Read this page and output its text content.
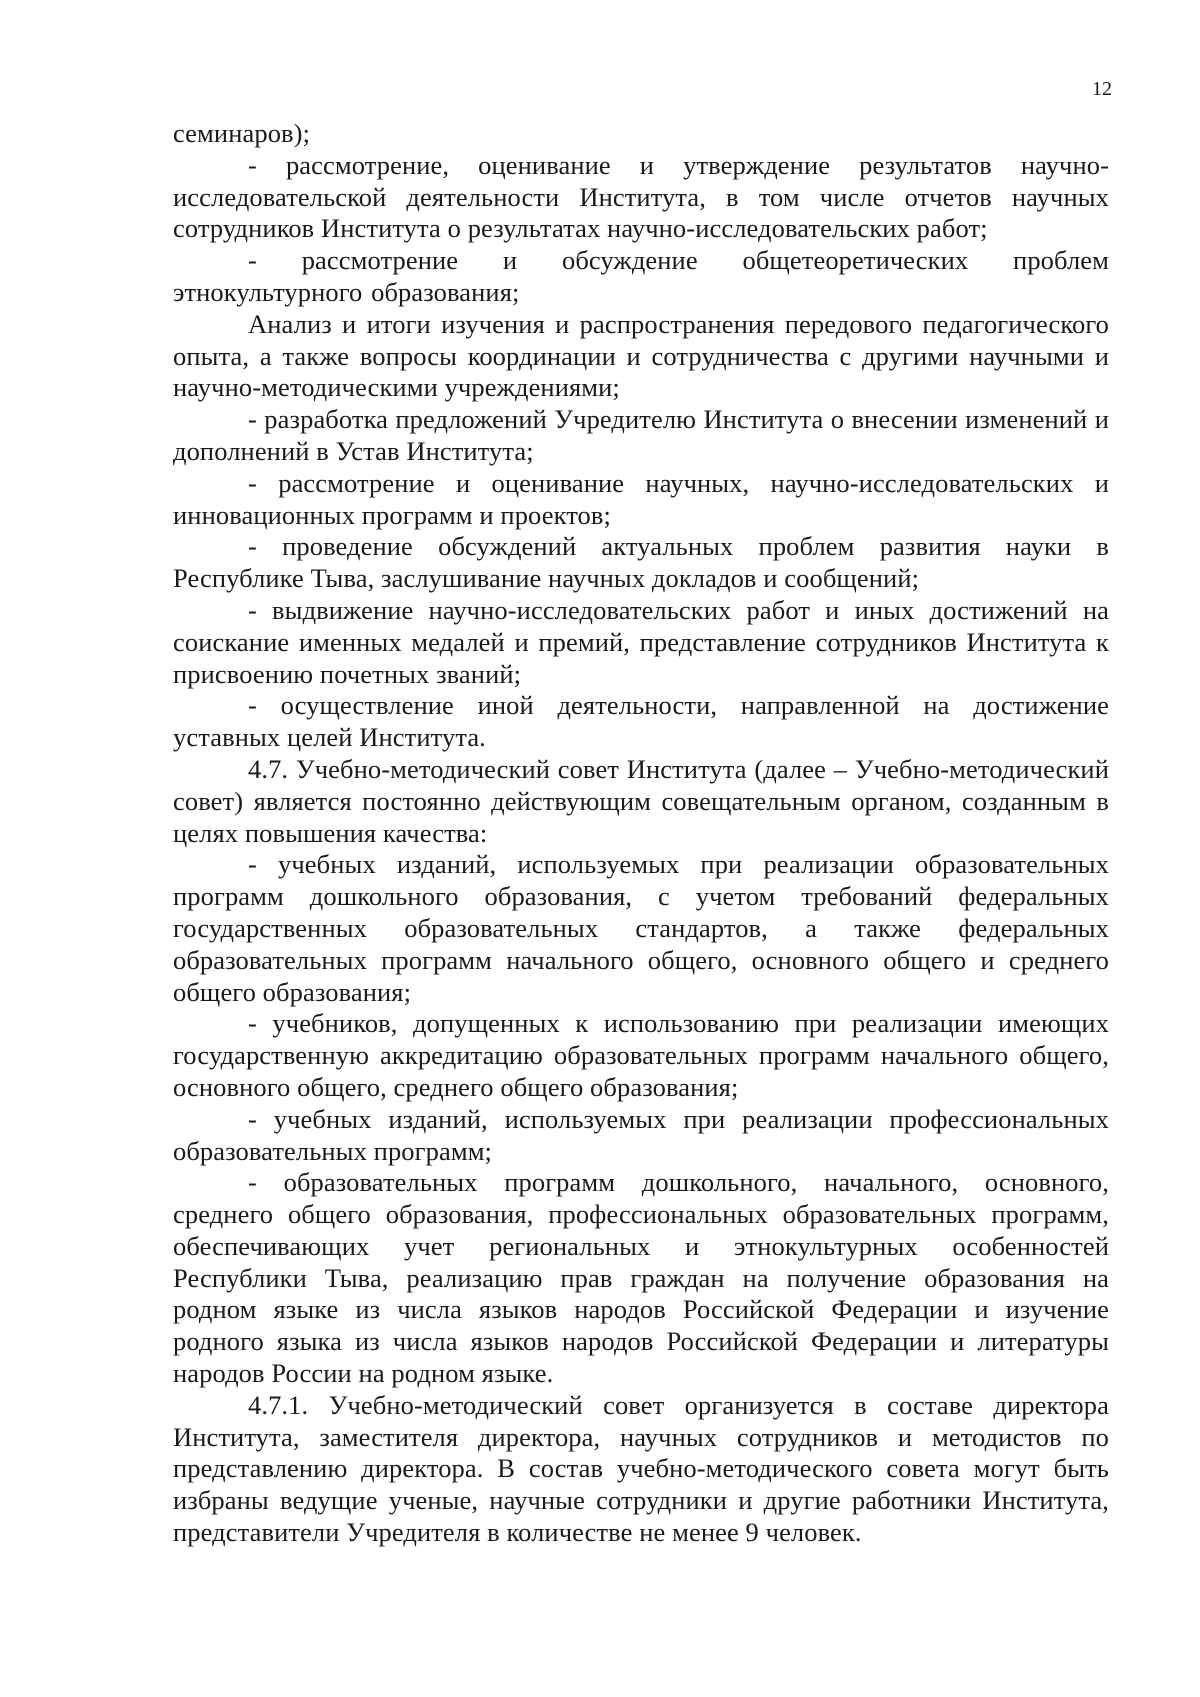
12

семинаров);

- рассмотрение, оценивание и утверждение результатов научно-исследовательской деятельности Института, в том числе отчетов научных сотрудников Института о результатах научно-исследовательских работ;

- рассмотрение и обсуждение общетеоретических проблем этнокультурного образования;

Анализ и итоги изучения и распространения передового педагогического опыта, а также вопросы координации и сотрудничества с другими научными и научно-методическими учреждениями;

- разработка предложений Учредителю Института о внесении изменений и дополнений в Устав Института;

- рассмотрение и оценивание научных, научно-исследовательских и инновационных программ и проектов;

- проведение обсуждений актуальных проблем развития науки в Республике Тыва, заслушивание научных докладов и сообщений;

- выдвижение научно-исследовательских работ и иных достижений на соискание именных медалей и премий, представление сотрудников Института к присвоению почетных званий;

- осуществление иной деятельности, направленной на достижение уставных целей Института.

4.7. Учебно-методический совет Института (далее – Учебно-методический совет) является постоянно действующим совещательным органом, созданным в целях повышения качества:

- учебных изданий, используемых при реализации образовательных программ дошкольного образования, с учетом требований федеральных государственных образовательных стандартов, а также федеральных образовательных программ начального общего, основного общего и среднего общего образования;

- учебников, допущенных к использованию при реализации имеющих государственную аккредитацию образовательных программ начального общего, основного общего, среднего общего образования;

- учебных изданий, используемых при реализации профессиональных образовательных программ;

- образовательных программ дошкольного, начального, основного, среднего общего образования, профессиональных образовательных программ, обеспечивающих учет региональных и этнокультурных особенностей Республики Тыва, реализацию прав граждан на получение образования на родном языке из числа языков народов Российской Федерации и изучение родного языка из числа языков народов Российской Федерации и литературы народов России на родном языке.

4.7.1. Учебно-методический совет организуется в составе директора Института, заместителя директора, научных сотрудников и методистов по представлению директора. В состав учебно-методического совета могут быть избраны ведущие ученые, научные сотрудники и другие работники Института, представители Учредителя в количестве не менее 9 человек.
